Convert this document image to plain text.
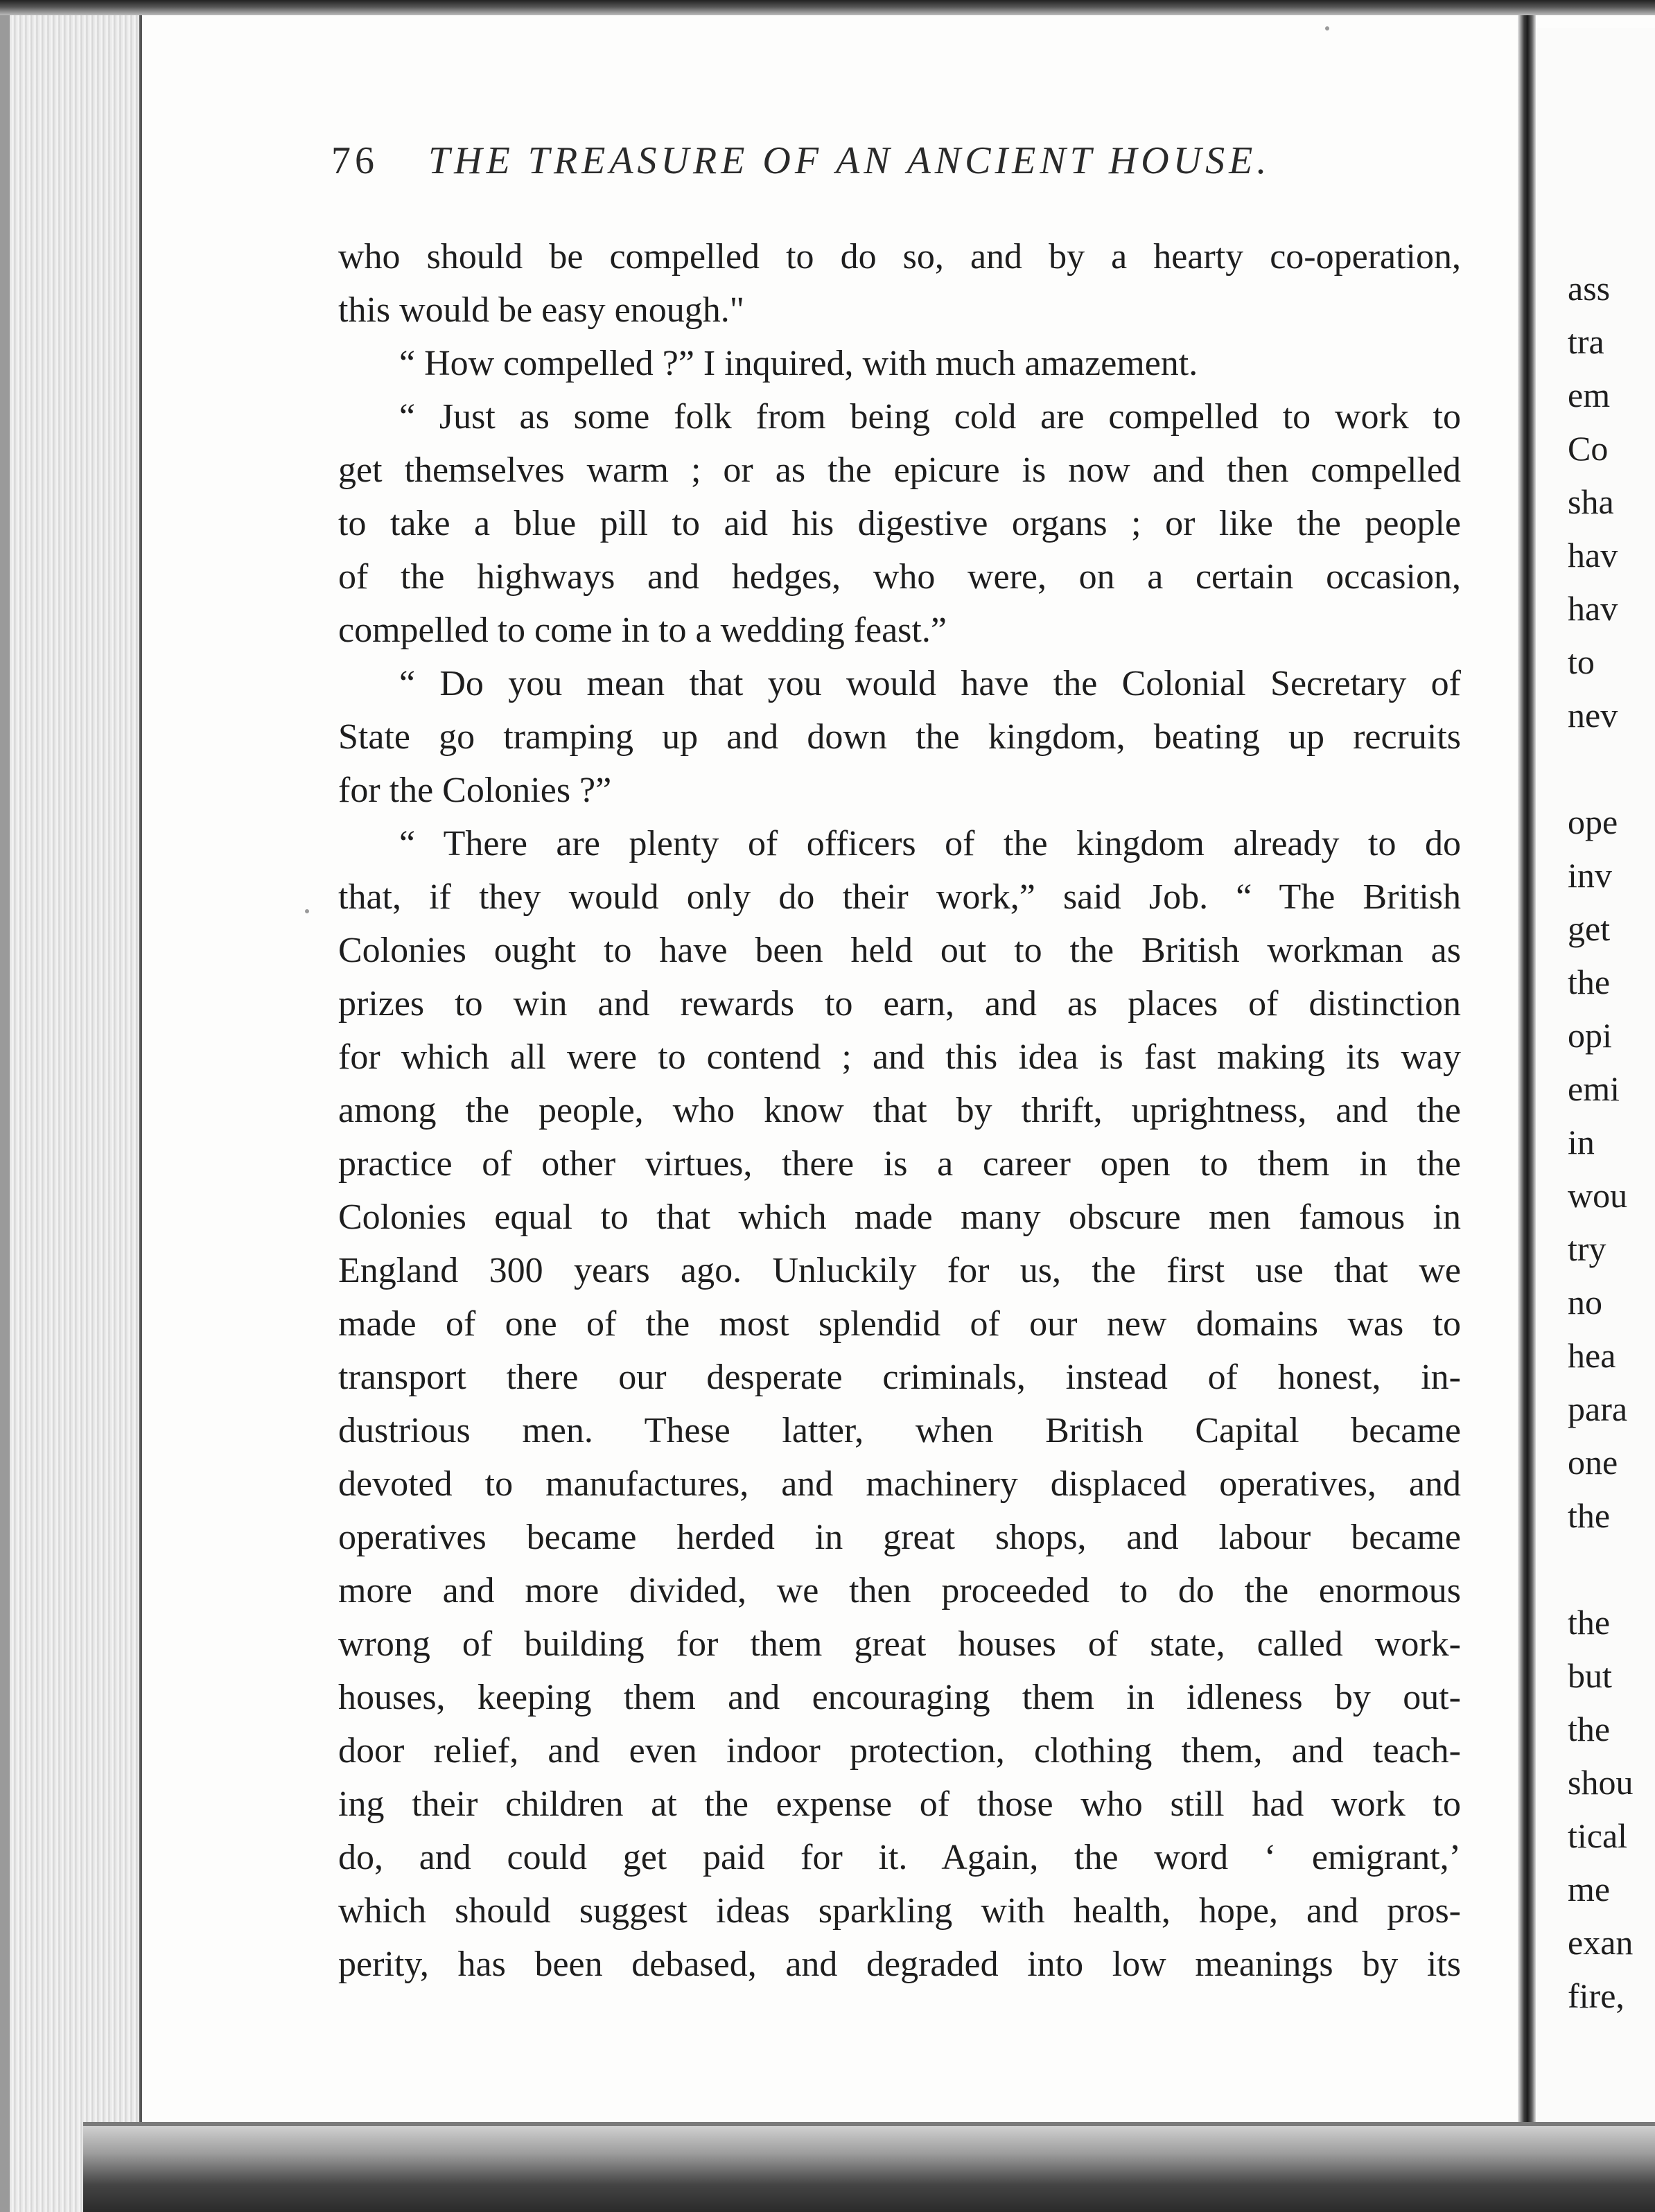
76 THE TREASURE OF AN ANCIENT HOUSE.
who should be compelled to do so, and by a hearty co-operation,
this would be easy enough."
“ How compelled ?” I inquired, with much amazement.
“ Just as some folk from being cold are compelled to work to
get themselves warm ; or as the epicure is now and then compelled
to take a blue pill to aid his digestive organs ; or like the people
of the highways and hedges, who were, on a certain occasion,
compelled to come in to a wedding feast.”
“ Do you mean that you would have the Colonial Secretary of
State go tramping up and down the kingdom, beating up recruits
for the Colonies ?”
“ There are plenty of officers of the kingdom already to do
that, if they would only do their work,” said Job. “ The British
Colonies ought to have been held out to the British workman as
prizes to win and rewards to earn, and as places of distinction
for which all were to contend ; and this idea is fast making its way
among the people, who know that by thrift, uprightness, and the
practice of other virtues, there is a career open to them in the
Colonies equal to that which made many obscure men famous in
England 300 years ago. Unluckily for us, the first use that we
made of one of the most splendid of our new domains was to
transport there our desperate criminals, instead of honest, in-
dustrious men. These latter, when British Capital became
devoted to manufactures, and machinery displaced operatives, and
operatives became herded in great shops, and labour became
more and more divided, we then proceeded to do the enormous
wrong of building for them great houses of state, called work-
houses, keeping them and encouraging them in idleness by out-
door relief, and even indoor protection, clothing them, and teach-
ing their children at the expense of those who still had work to
do, and could get paid for it. Again, the word ‘ emigrant,’
which should suggest ideas sparkling with health, hope, and pros-
perity, has been debased, and degraded into low meanings by its
ass
tra
em
Co
sha
hav
hav
to
nev
ope
inv
get
the
opi
emi
in
wou
try
no
hea
para
one
the
the
but
the
shou
tical
me
exan
fire,
